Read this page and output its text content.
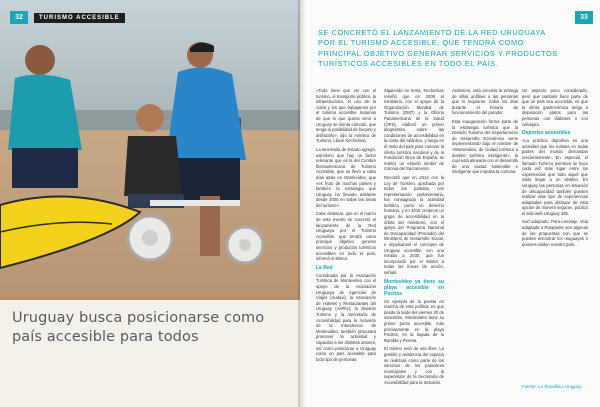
32	TURISMO ACCESIBLE
Uruguay busca posicionarse como país accesible para todos
33
SE CONCRETÓ EL LANZAMIENTO DE LA RED URUGUAYA POR EL TURISMO ACCESIBLE, QUE TENDRÁ COMO PRINCIPAL OBJETIVO GENERAR SERVICIOS Y PRODUCTOS TURÍSTICOS ACCESIBLES EN TODO EL PAÍS.

«Todo tiene que ver con el turismo, el transporte público, la infraestructura, el uso de la costa y los que trabajamos por el turismo accesible tratamos de que lo que quiera venir a Uruguay se sienta cómodo, que tenga la posibilidad de hacerlo y disfrutarlo», dijo la ministra de Turismo, Liliam Kechichian.

La secretaria de Estado agregó, asimismo que hay un factor relevante que es la del Cumbre Iberoamericana de Turismo Accesible, que se llevó a cabo días atrás en Montevideo, que «es fruto de muchos países y también la estrategia que Uruguay ha llevado adelante desde 2005 en todas las áreas del turismo».

Cabe destacar, que en el marco de este evento se concretó el lanzamiento de la Red Uruguaya por el Turismo Accesible, que tendrá como principal objetivo generar servicios y productos turísticos accesibles en todo el país, informó el Mintur.

La Red

Coordinada por la Asociación Turística de Montevideo con el apoyo de la Asociación Uruguaya de Agencias de Viajes (Audavi), la Asociación de Hoteles y Restaurantes del Uruguay (AHRU), la División Turismo y la Secretaría de Accesibilidad para la Inclusión de la Intendencia de Montevideo, también procurará promover la actividad y capacitar a los distintos actores, así como posicionar a Uruguay como un país accesible para todo tipo de personas.

Siguiendo en tema, Kechichian reseñó que en 2008 el ministerio, con el apoyo de la Organización Mundial de Turismo (OMT) y la Oficina Panamericana de la Salud (OPS), elaboró un primer diagnóstico sobre las condiciones de accesibilidad en la costa del Atlántico, y luego en el resto del país para conocer la oferta turística nacional y de la Fundación Once de España, se realizó un estudio similar de Colonia del Sacramento.

Recordó que en 2014 con la Ley de Turismo, aprobada por todos los partidos, con representación parlamentaria, fue consagrada la actividad turística como un derecho humano, y en 2015 creamos un grupo de accesibilidad en la órbita del ministerio, con el apoyo del Programa Nacional de Discapacidad (Pronadis) del Ministerio de Desarrollo Social, e impulsamos el concepto de Uruguay accesible con una mirada a 2030, que fue incorporado por el Mintur a todas las líneas de acción, señaló.

Montevideo ya tiene su playa accesible en Pocitos

Un ejemplo de la puesta en marcha de esta política, es que desde la tarde del viernes 20 de setiembre, Montevideo tiene su primer punto accesible, más precisamente en la playa Pocitos, en la bajada de la Rambla y Pereira.

El mismo será de uso libre. La gestión y asistencia del espacio se realizará como parte de los servicios de los paradores municipales y con la supervisión de la Secretaría de Accesibilidad para la Inclusión.

Asimismo, está previsto la entrega de sillas anfibias a las personas que lo requieran, todos los días durante el horario de funcionamiento del parador.

Esta inauguración forma parte de la estrategia turística que la División Turismo del Departamento de Desarrollo Económico viene implementando bajo el nombre de «Montevideo, de ciudad turística a destino turístico inteligente», la cual está alineada con el desarrollo de una ciudad sostenible e inteligente que impulsa la comuna.

Un aspecto poco considerado, pero que también hace parte de que un país sea accesible, es que la oferta gastronómica tenga a disposición platos para las personas con diabetes o con celiaquía.

Deportes accesibles

«La práctica deportiva es una actividad que los turistas en todas partes del mundo demandan crecientemente. En especial, el llamado Turismo aventura se hace cada vez más lugar entre los experiencias que todo aquel que visite llegar a un destino. En Uruguay las personas en situación de discapacidad también pueden realizar este tipo de experiencias adaptadas para disfrutar de esta opción de manera segura», publicó el sitio web Uruguay 365.

Surf adaptado, Para-canotaje, Vela adaptada o Parapente son algunas de las propuestas con que se pueden encontrar los uruguayos o quienes visiten nuestro país.

Fuente: La República Uruguay
